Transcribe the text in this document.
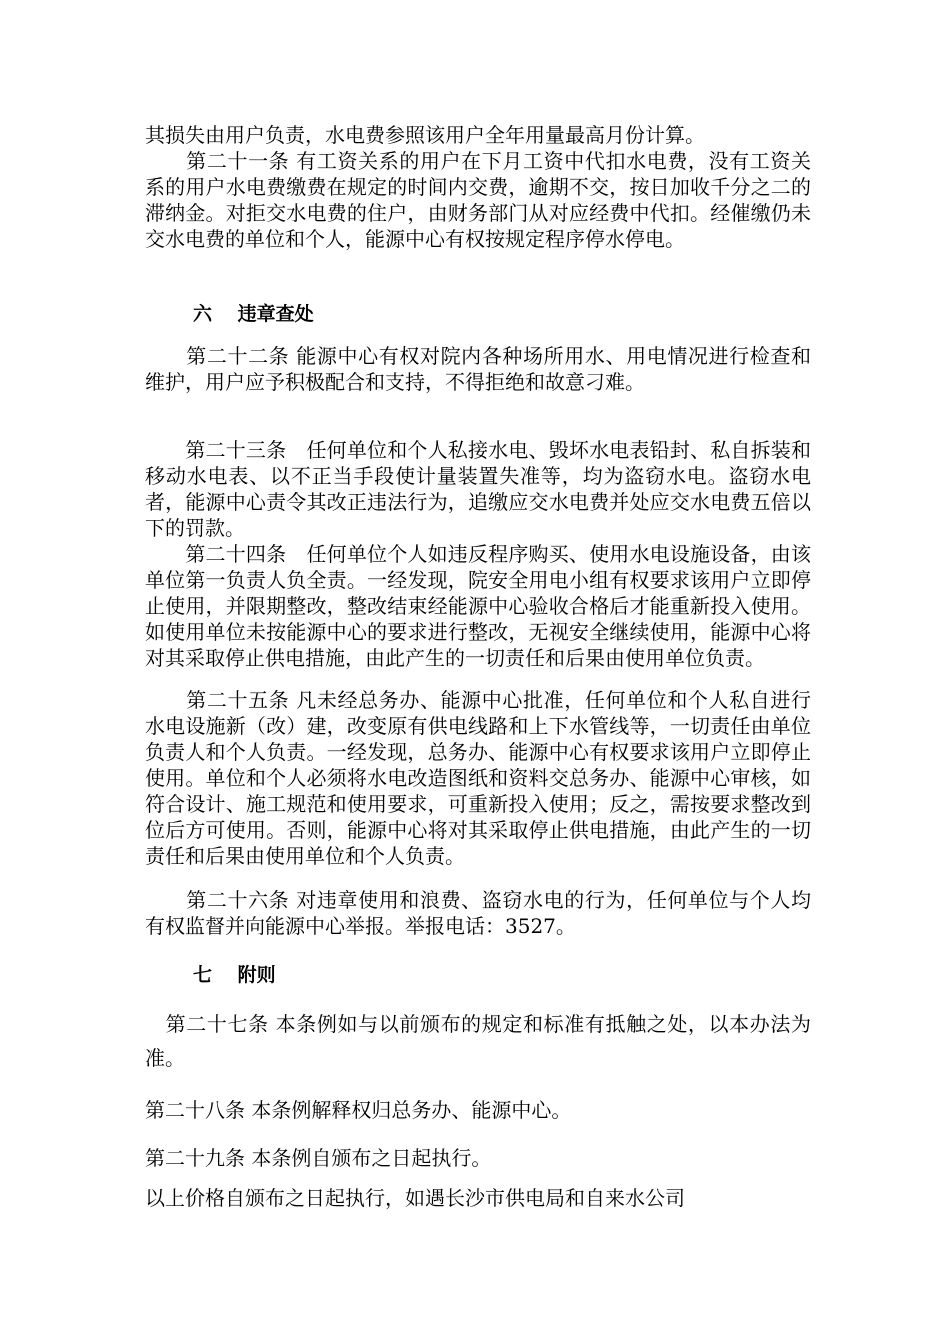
其损失由用户负责，水电费参照该用户全年用量最高月份计算。

　　第二十一条 有工资关系的用户在下月工资中代扣水电费，没有工资关系的用户水电费缴费在规定的时间内交费，逾期不交，按日加收千分之二的滞纳金。对拒交水电费的住户，由财务部门从对应经费中代扣。经催缴仍未交水电费的单位和个人，能源中心有权按规定程序停水停电。

六　 违章查处

　　第二十二条 能源中心有权对院内各种场所用水、用电情况进行检查和维护，用户应予积极配合和支持，不得拒绝和故意刁难。

　　第二十三条　任何单位和个人私接水电、毁坏水电表铅封、私自拆装和移动水电表、以不正当手段使计量装置失准等，均为盗窃水电。盗窃水电者，能源中心责令其改正违法行为，追缴应交水电费并处应交水电费五倍以下的罚款。

　　第二十四条　任何单位个人如违反程序购买、使用水电设施设备，由该单位第一负责人负全责。一经发现，院安全用电小组有权要求该用户立即停止使用，并限期整改，整改结束经能源中心验收合格后才能重新投入使用。如使用单位未按能源中心的要求进行整改，无视安全继续使用，能源中心将对其采取停止供电措施，由此产生的一切责任和后果由使用单位负责。

　　第二十五条 凡未经总务办、能源中心批准，任何单位和个人私自进行水电设施新（改）建，改变原有供电线路和上下水管线等，一切责任由单位负责人和个人负责。一经发现，总务办、能源中心有权要求该用户立即停止使用。单位和个人必须将水电改造图纸和资料交总务办、能源中心审核，如符合设计、施工规范和使用要求，可重新投入使用；反之，需按要求整改到位后方可使用。否则，能源中心将对其采取停止供电措施，由此产生的一切责任和后果由使用单位和个人负责。

　　第二十六条 对违章使用和浪费、盗窃水电的行为，任何单位与个人均有权监督并向能源中心举报。举报电话：3527。

七　 附则

　第二十七条 本条例如与以前颁布的规定和标准有抵触之处，以本办法为准。

第二十八条 本条例解释权归总务办、能源中心。

第二十九条 本条例自颁布之日起执行。

以上价格自颁布之日起执行，如遇长沙市供电局和自来水公司
